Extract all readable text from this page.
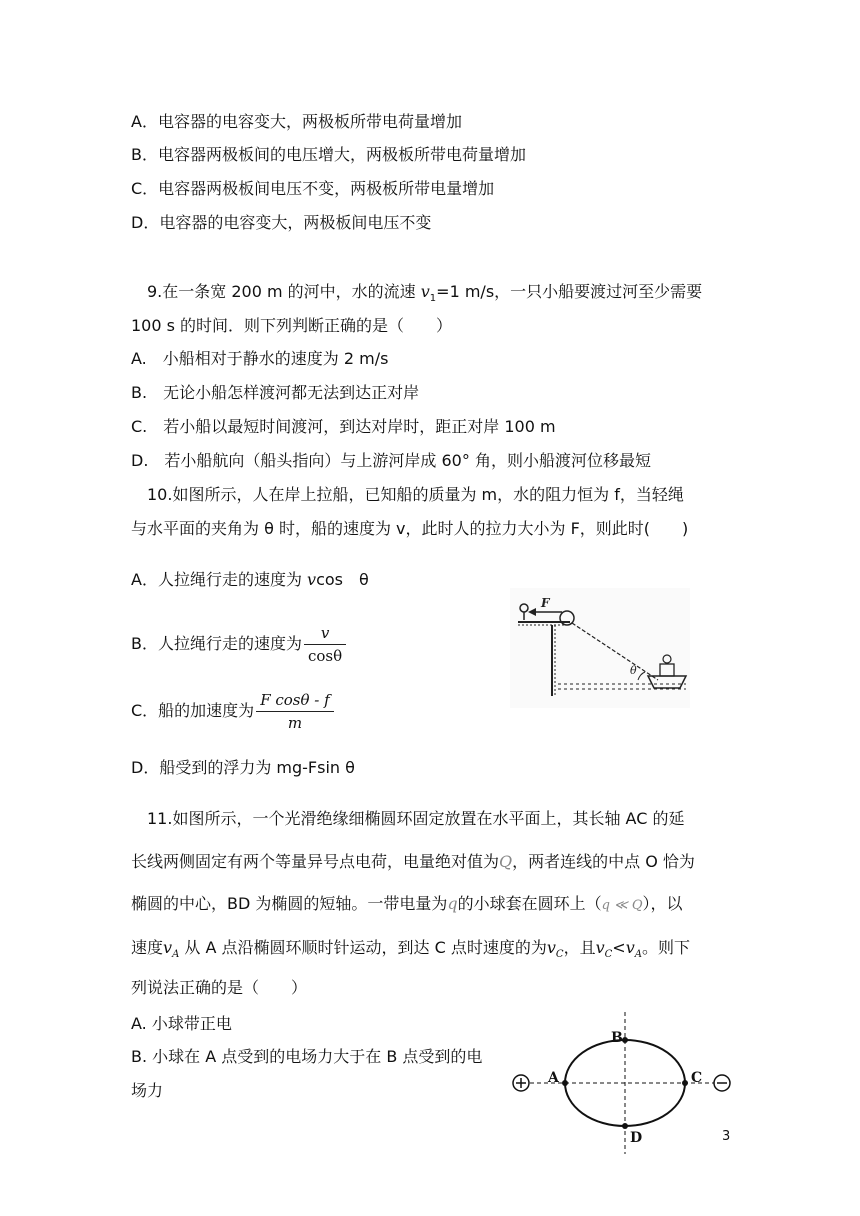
A．电容器的电容变大，两极板所带电荷量增加
B．电容器两极板间的电压增大，两极板所带电荷量增加
C．电容器两极板间电压不变，两极板所带电量增加
D．电容器的电容变大，两极板间电压不变
9.在一条宽 200 m 的河中，水的流速 $v_1=1$ m/s，一只小船要渡过河至少需要
100 s 的时间．则下列判断正确的是（　　）
A.　小船相对于静水的速度为 2 m/s
B.　无论小船怎样渡河都无法到达正对岸
C.　若小船以最短时间渡河，到达对岸时，距正对岸 100 m
D.　若小船航向（船头指向）与上游河岸成 60° 角，则小船渡河位移最短
10.如图所示，人在岸上拉船，已知船的质量为 m，水的阻力恒为 f，当轻绳
与水平面的夹角为 θ 时，船的速度为 v，此时人的拉力大小为 F，则此时(　　)
A．人拉绳行走的速度为 vcos　θ
B．人拉绳行走的速度为 $\frac{v}{\cos\theta}$
C．船的加速度为 $\frac{\text{F cosθ - f}}{m}$
D．船受到的浮力为 mg-Fsin θ
F
θ
11.如图所示，一个光滑绝缘细椭圆环固定放置在水平面上，其长轴 AC 的延
长线两侧固定有两个等量异号点电荷，电量绝对值为Q，两者连线的中点 O 恰为
椭圆的中心，BD 为椭圆的短轴。一带电量为q的小球套在圆环上（q ≪ Q），以
速度$v_A$ 从 A 点沿椭圆环顺时针运动，到达 C 点时速度的为$v_C$，且$v_C<v_A$。则下
列说法正确的是（　　）
A. 小球带正电
B. 小球在 A 点受到的电场力大于在 B 点受到的电
场力
A
B
C
D	3
